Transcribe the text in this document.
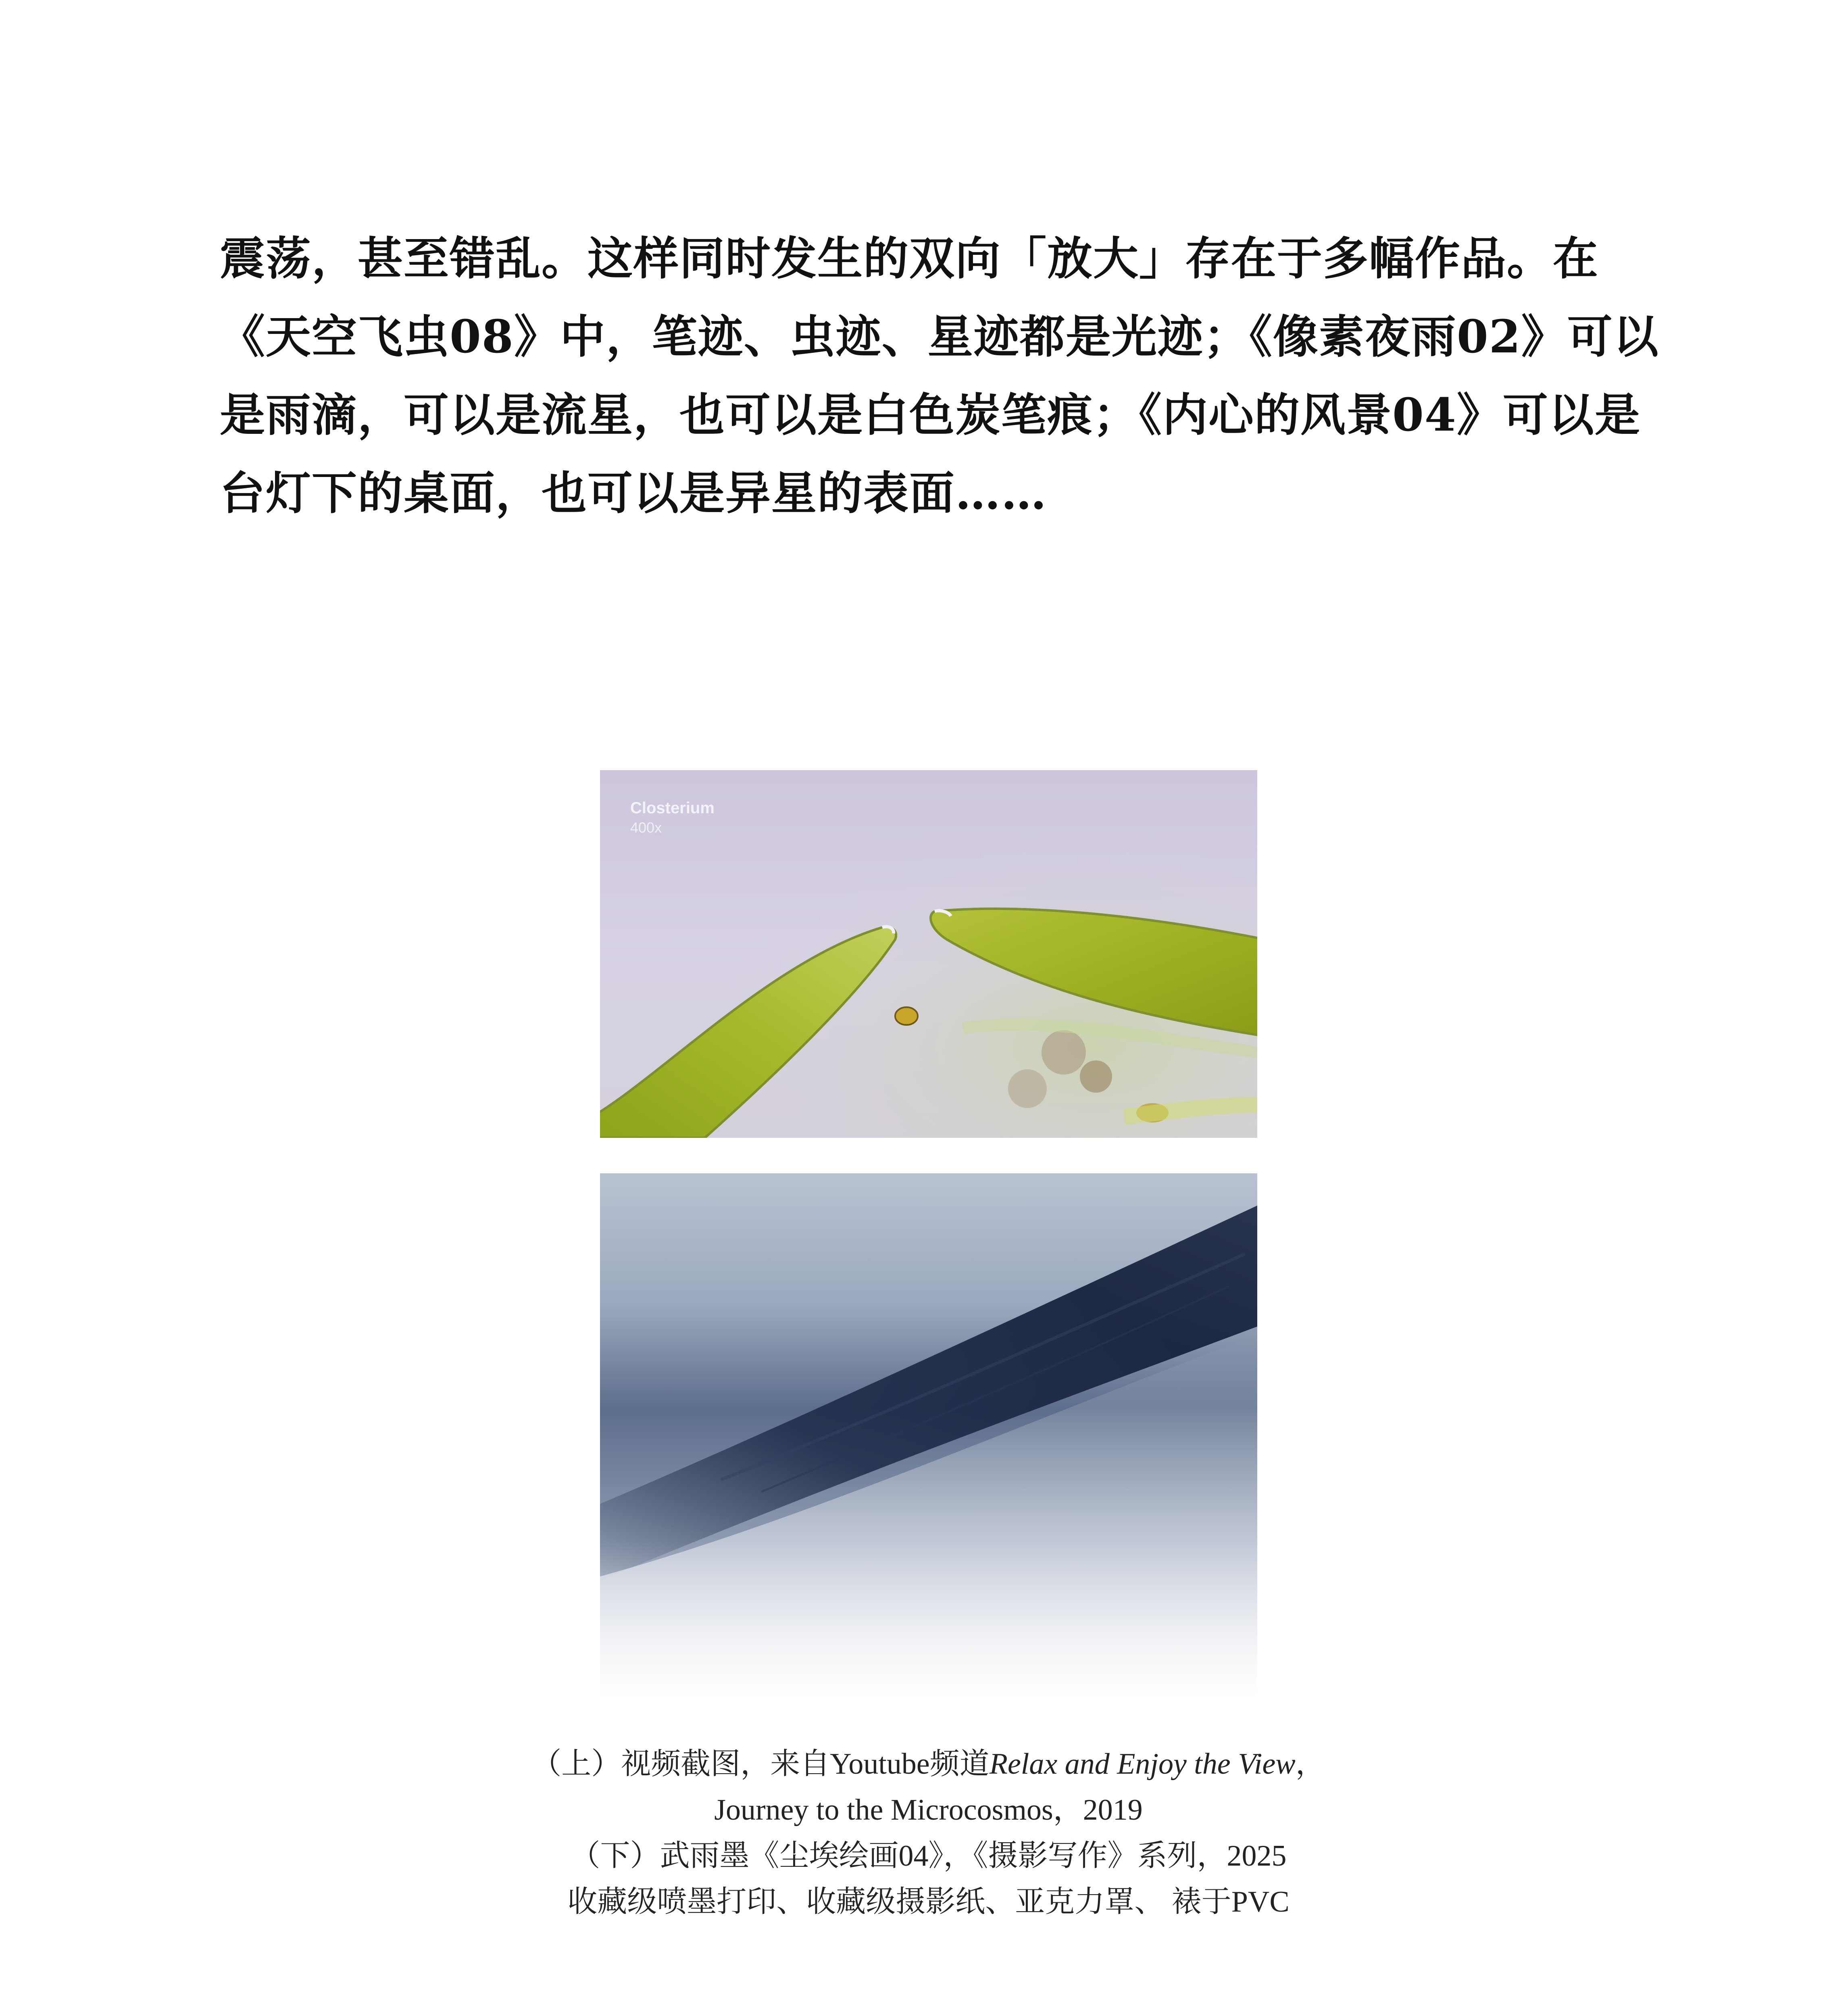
震荡，甚至错乱。这样同时发生的双向「放大」存在于多幅作品。在
《天空飞虫08》中，笔迹、虫迹、星迹都是光迹；《像素夜雨02》可以
是雨滴，可以是流星，也可以是白色炭笔痕；《内心的风景04》可以是
台灯下的桌面，也可以是异星的表面……
Closterium
400x
（上）视频截图，来自Youtube频道Relax and Enjoy the View，
Journey to the Microcosmos，2019
（下）武雨墨《尘埃绘画04》，《摄影写作》系列，2025
收藏级喷墨打印、收藏级摄影纸、亚克力罩、 裱于PVC
